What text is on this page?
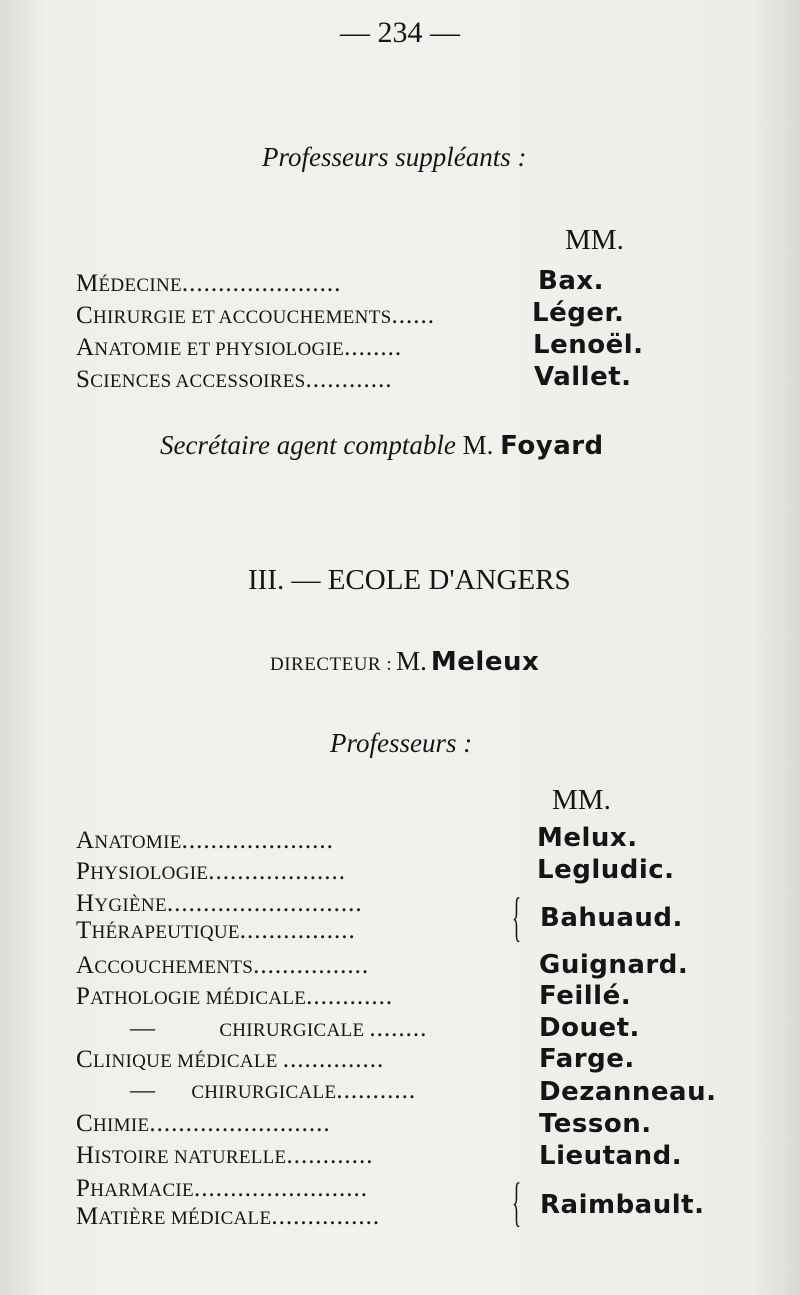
— 234 —
Professeurs suppléants :
MM.
MÉDECINE......................	Bax.
CHIRURGIE ET ACCOUCHEMENTS......	Léger.
ANATOMIE ET PHYSIOLOGIE........	Lenoël.
SCIENCES ACCESSOIRES............	Vallet.
Secrétaire agent comptable M. Foyard
III. — ECOLE D'ANGERS
DIRECTEUR : M. Meleux
Professeurs :
MM.
ANATOMIE.....................	Melux.
PHYSIOLOGIE...................	Legludic.
HYGIÈNE...........................
THÉRAPEUTIQUE................	{ Bahuaud.
ACCOUCHEMENTS................	Guignard.
PATHOLOGIE MÉDICALE............	Feillé.
—	CHIRURGICALE ........	Douet.
CLINIQUE MÉDICALE ..............	Farge.
— CHIRURGICALE...........	Dezanneau.
CHIMIE.........................	Tesson.
HISTOIRE NATURELLE............	Lieutand.
PHARMACIE........................
MATIÈRE MÉDICALE............... { Raimbault.
